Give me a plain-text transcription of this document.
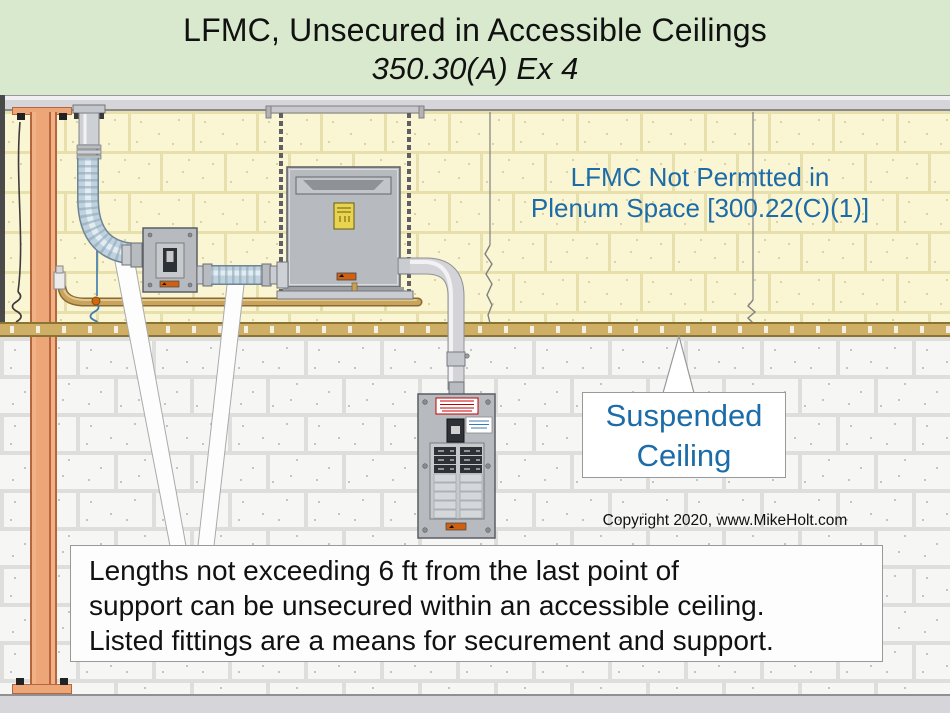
LFMC, Unsecured in Accessible Ceilings
350.30(A) Ex 4
LFMC Not Permtted in
Plenum Space [300.22(C)(1)]
Suspended
Ceiling
Copyright 2020, www.MikeHolt.com
Lengths not exceeding 6 ft from the last point of
support can be unsecured within an accessible ceiling.
Listed fittings are a means for securement and support.
